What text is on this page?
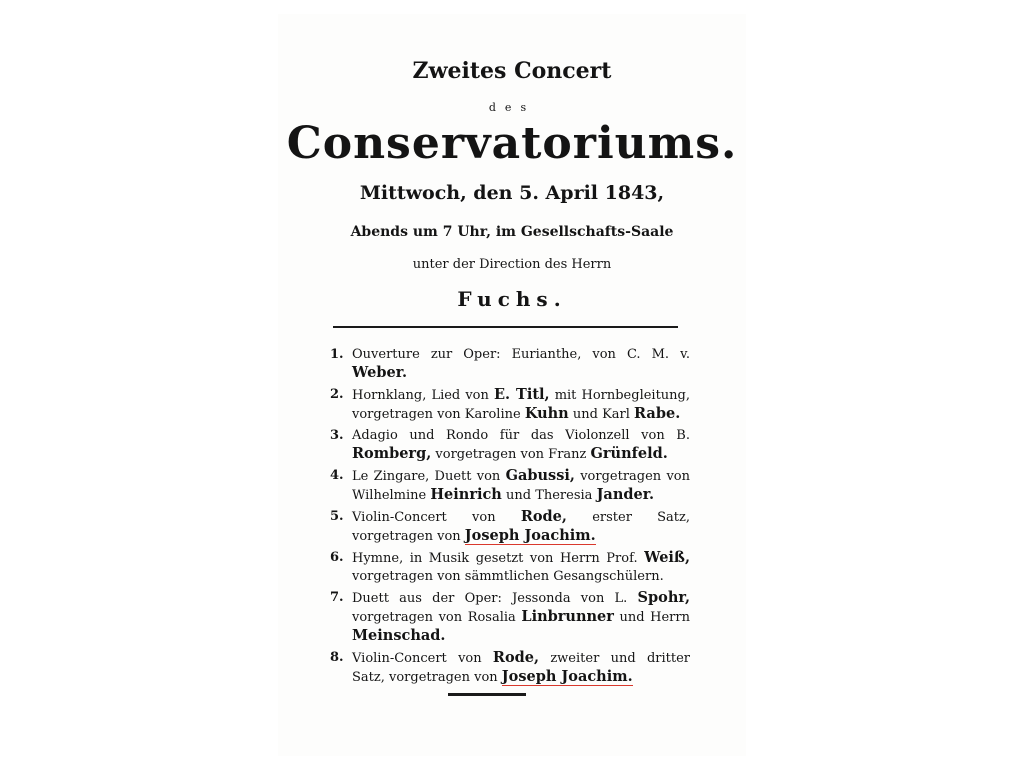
Zweites Concert
des
Conservatoriums.
Mittwoch, den 5. April 1843,
Abends um 7 Uhr, im Gesellschafts-Saale
unter der Direction des Herrn
Fuchs.
1. Ouverture zur Oper: Eurianthe, von C. M. v. Weber.
2. Hornklang, Lied von E. Titl, mit Hornbegleitung, vorgetragen von Karoline Kuhn und Karl Rabe.
3. Adagio und Rondo für das Violonzell von B. Romberg, vorgetragen von Franz Grünfeld.
4. Le Zingare, Duett von Gabussi, vorgetragen von Wilhelmine Heinrich und Theresia Jander.
5. Violin-Concert von Rode, erster Satz, vorgetragen von Joseph Joachim.
6. Hymne, in Musik gesetzt von Herrn Prof. Weiß, vorgetragen von sämmtlichen Gesangschülern.
7. Duett aus der Oper: Jessonda von L. Spohr, vorgetragen von Rosalia Linbrunner und Herrn Meinschad.
8. Violin-Concert von Rode, zweiter und dritter Satz, vorgetragen von Joseph Joachim.
